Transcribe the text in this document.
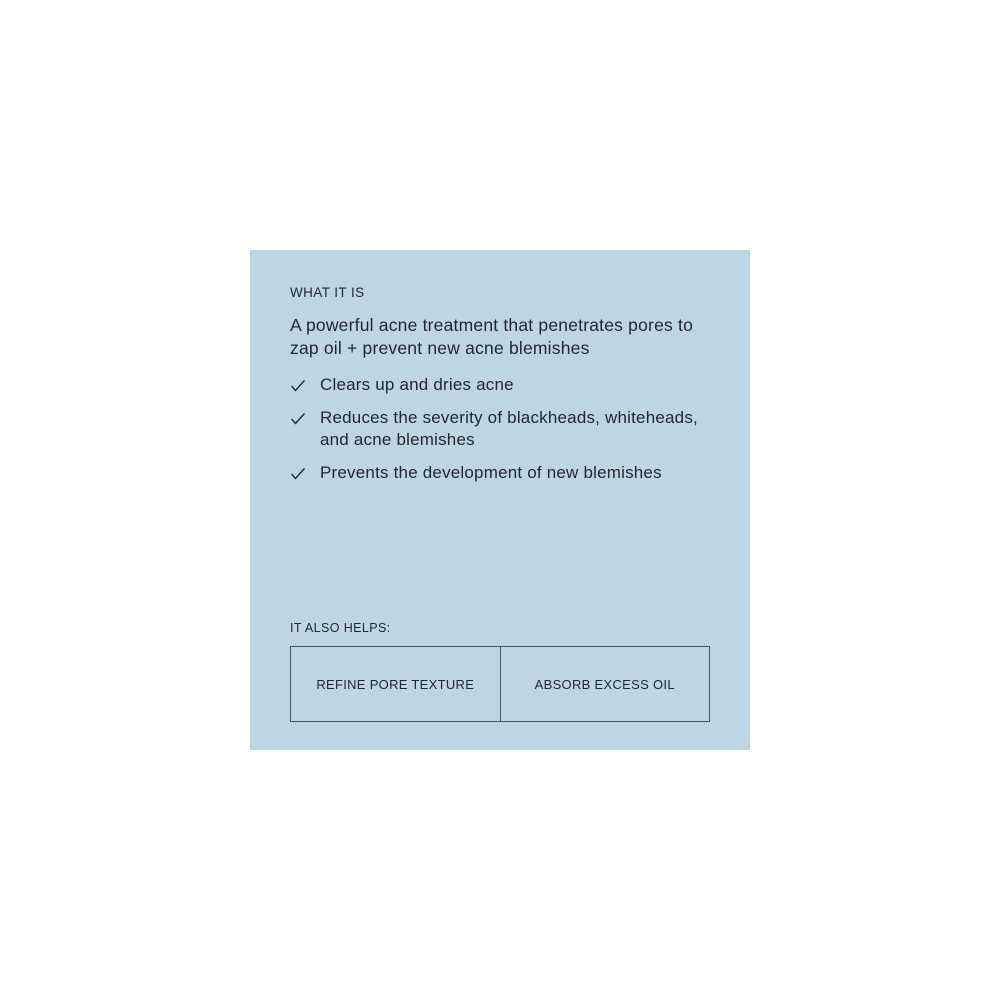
WHAT IT IS

A powerful acne treatment that penetrates pores to zap oil + prevent new acne blemishes

Clears up and dries acne
Reduces the severity of blackheads, whiteheads, and acne blemishes
Prevents the development of new blemishes

IT ALSO HELPS:

REFINE PORE TEXTURE	ABSORB EXCESS OIL
